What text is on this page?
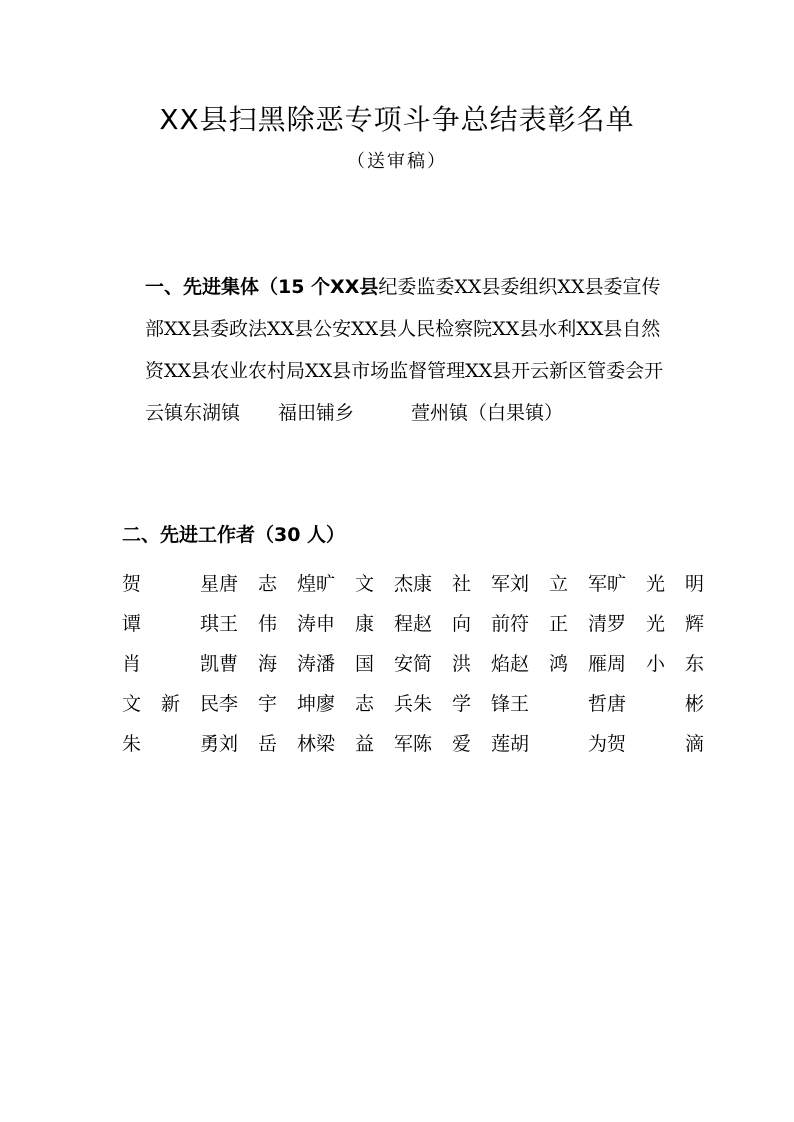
XX县扫黑除恶专项斗争总结表彰名单
（送审稿）
一、先进集体（15 个XX县纪委监委XX县委组织XX县委宣传部XX县委政法XX县公安XX县人民检察院XX县水利XX县自然资XX县农业农村局XX县市场监督管理XX县开云新区管委会开云镇东湖镇　　福田铺乡　　　萱州镇（白果镇）
二、先进工作者（30 人）
贺　星 唐志煌 旷文杰 康社军 刘立军 旷光明
谭　琪 王伟涛 申康程 赵向前 符正清 罗光辉
肖　凯 曹海涛 潘国安 简洪焰 赵鸿雁 周小东
文新民 李宇坤 廖志兵 朱学锋 王　哲 唐　彬
朱　勇 刘岳林 梁益军 陈爱莲 胡　为 贺　滴
